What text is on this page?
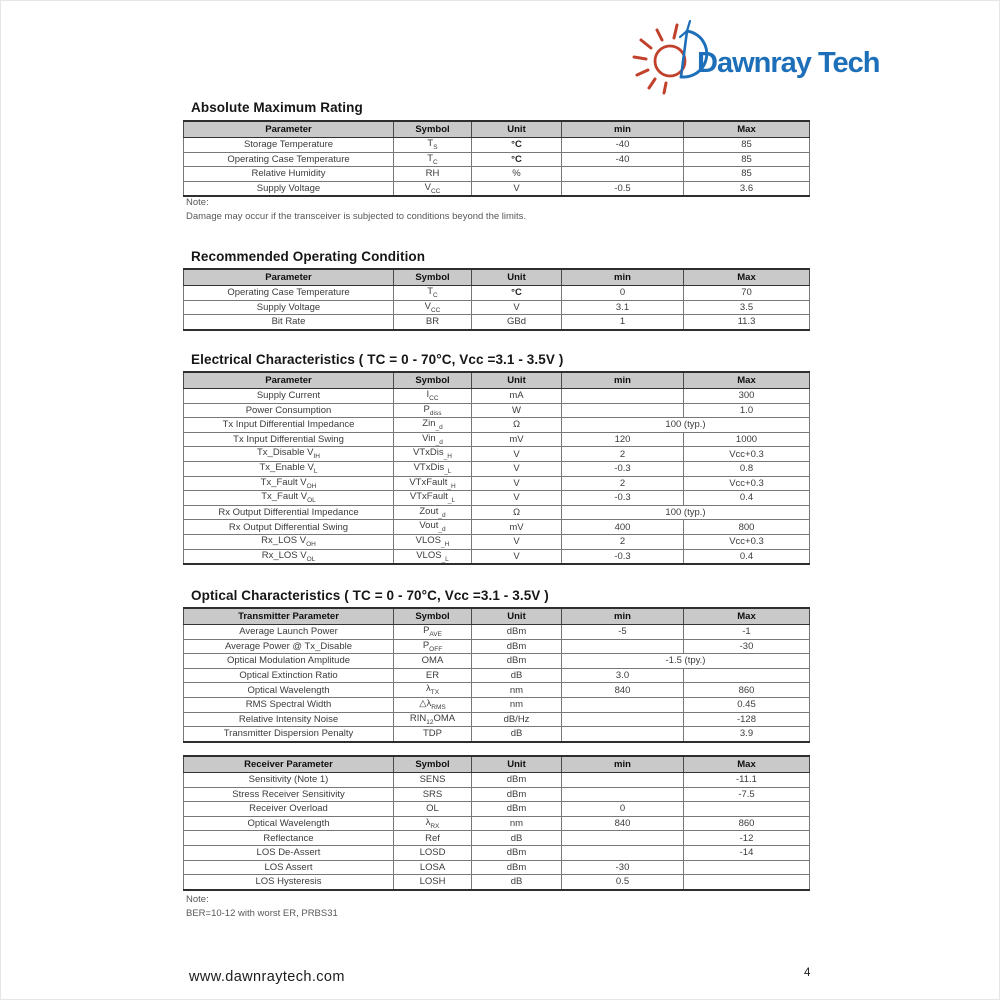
Dawnray Tech
Absolute Maximum Rating
Parameter	Symbol	Unit	min	Max
Storage Temperature	$T_S$	°C	-40	85
Operating Case Temperature	$T_C$	°C	-40	85
Relative Humidity	RH	%		85
Supply Voltage	$V_{CC}$	V	-0.5	3.6
Note:
Damage may occur if the transceiver is subjected to conditions beyond the limits.
Recommended Operating Condition
Parameter	Symbol	Unit	min	Max
Operating Case Temperature	$T_C$	°C	0	70
Supply Voltage	$V_{CC}$	V	3.1	3.5
Bit Rate	BR	GBd	1	11.3
Electrical Characteristics ( TC = 0 - 70°C, Vcc =3.1 - 3.5V )
Parameter	Symbol	Unit	min	Max
Supply Current	$I_{CC}$	mA		300
Power Consumption	$P_{diss}$	W		1.0
Tx Input Differential Impedance	Zin$_{\_d}$	Ω	100 (typ.)	
Tx Input Differential Swing	Vin$_{\_d}$	mV	120	1000
Tx_Disable $V_{IH}$	VTxDis$_{\_H}$	V	2	Vcc+0.3
Tx_Enable $V_L$	VTxDis$_{\_L}$	V	-0.3	0.8
Tx_Fault $V_{OH}$	VTxFault$_{\_H}$	V	2	Vcc+0.3
Tx_Fault $V_{OL}$	VTxFault$_{\_L}$	V	-0.3	0.4
Rx Output Differential Impedance	Zout$_{\_d}$	Ω	100 (typ.)	
Rx Output Differential Swing	Vout$_{\_d}$	mV	400	800
Rx_LOS $V_{OH}$	$VLOS_{\_H}$	V	2	Vcc+0.3
Rx_LOS $V_{OL}$	$VLOS_{\_L}$	V	-0.3	0.4
Optical Characteristics ( TC = 0 - 70°C, Vcc =3.1 - 3.5V )
Transmitter Parameter	Symbol	Unit	min	Max
Average Launch Power	$P_{AVE}$	dBm	-5	-1
Average Power @ Tx_Disable	$P_{OFF}$	dBm		-30
Optical Modulation Amplitude	OMA	dBm	-1.5 (tpy.)	
Optical Extinction Ratio	ER	dB	3.0	
Optical Wavelength	$\lambda_{TX}$	nm	840	860
RMS Spectral Width	$\triangle\lambda_{RMS}$	nm		0.45
Relative Intensity Noise	$RIN_{12}OMA$	dB/Hz		-128
Transmitter Dispersion Penalty	TDP	dB		3.9
Receiver Parameter	Symbol	Unit	min	Max
Sensitivity (Note 1)	SENS	dBm		-11.1
Stress Receiver Sensitivity	SRS	dBm		-7.5
Receiver Overload	OL	dBm	0	
Optical Wavelength	$\lambda_{RX}$	nm	840	860
Reflectance	Ref	dB		-12
LOS De-Assert	LOSD	dBm		-14
LOS Assert	LOSA	dBm	-30	
LOS Hysteresis	LOSH	dB	0.5	
Note:
BER=10-12 with worst ER, PRBS31
www.dawnraytech.com	4
